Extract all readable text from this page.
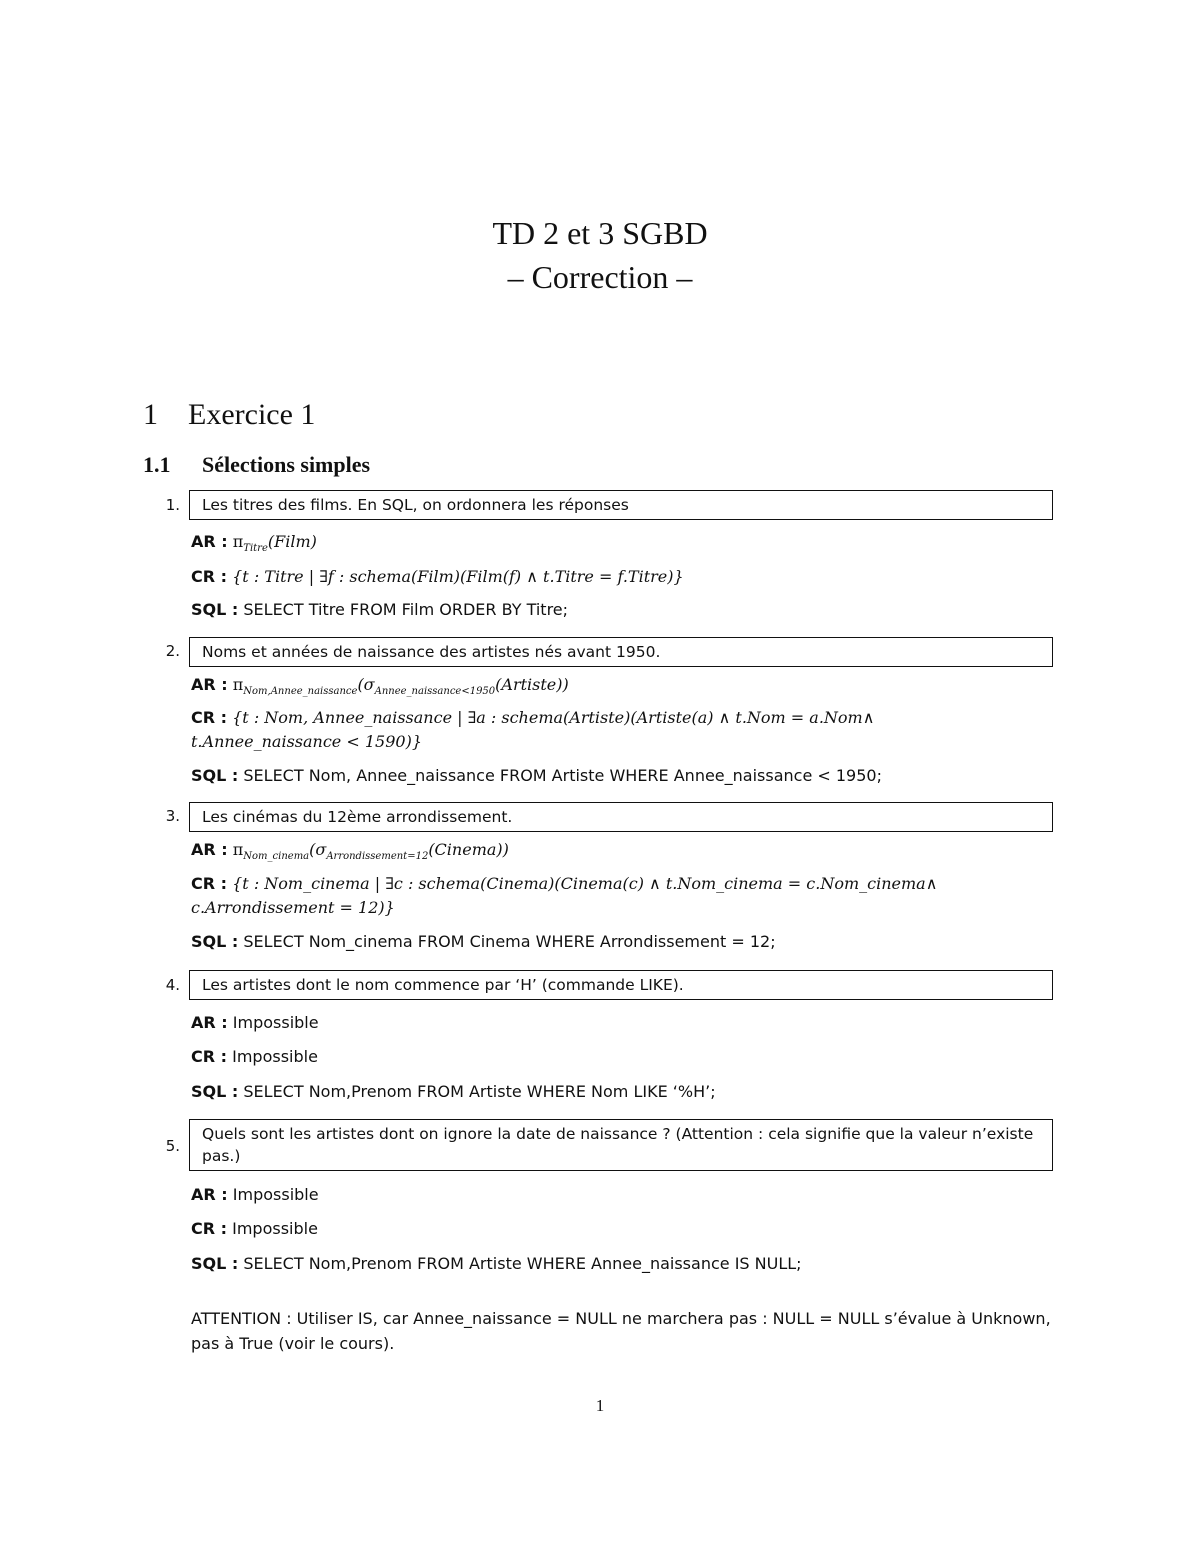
TD 2 et 3 SGBD
– Correction –
1 Exercice 1
1.1 Sélections simples
1.	Les titres des films. En SQL, on ordonnera les réponses
AR : $\pi_{Titre}(Film)$
CR : {t : Titre | ∃f : schema(Film)(Film(f) ∧ t.Titre = f.Titre)}
SQL : SELECT Titre FROM Film ORDER BY Titre;
2.	Noms et années de naissance des artistes nés avant 1950.
AR : $\pi_{Nom,Annee\_naissance}(\sigma_{Annee\_naissance<1950}(Artiste))$
CR : {t : Nom, Annee_naissance | ∃a : schema(Artiste)(Artiste(a) ∧ t.Nom = a.Nom∧
t.Annee_naissance < 1590)}
SQL : SELECT Nom, Annee_naissance FROM Artiste WHERE Annee_naissance < 1950;
3.	Les cinémas du 12ème arrondissement.
AR : $\pi_{Nom\_cinema}(\sigma_{Arrondissement=12}(Cinema))$
CR : {t : Nom_cinema | ∃c : schema(Cinema)(Cinema(c) ∧ t.Nom_cinema = c.Nom_cinema∧
c.Arrondissement = 12)}
SQL : SELECT Nom_cinema FROM Cinema WHERE Arrondissement = 12;
4.	Les artistes dont le nom commence par ‘H’ (commande LIKE).
AR : Impossible
CR : Impossible
SQL : SELECT Nom,Prenom FROM Artiste WHERE Nom LIKE ‘%H’;
5.
Quels sont les artistes dont on ignore la date de naissance ? (Attention : cela signifie que la valeur n’existe pas.)
AR : Impossible
CR : Impossible
SQL : SELECT Nom,Prenom FROM Artiste WHERE Annee_naissance IS NULL;
ATTENTION : Utiliser IS, car Annee_naissance = NULL ne marchera pas : NULL = NULL s’évalue à Unknown, pas à True (voir le cours).
1
